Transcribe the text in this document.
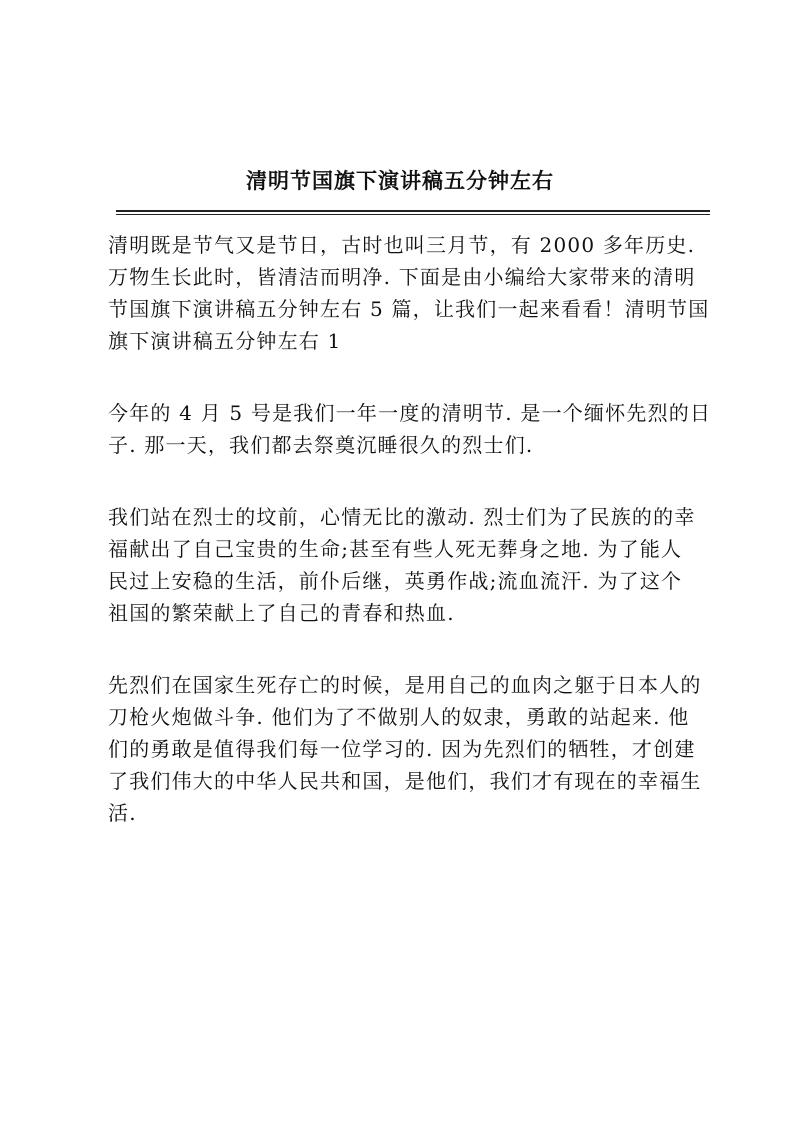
清明节国旗下演讲稿五分钟左右
清明既是节气又是节日，古时也叫三月节，有 2000 多年历史.
万物生长此时，皆清洁而明净. 下面是由小编给大家带来的清明
节国旗下演讲稿五分钟左右 5 篇，让我们一起来看看！清明节国
旗下演讲稿五分钟左右 1
今年的 4 月 5 号是我们一年一度的清明节. 是一个缅怀先烈的日
子. 那一天，我们都去祭奠沉睡很久的烈士们.
我们站在烈士的坟前，心情无比的激动. 烈士们为了民族的的幸
福献出了自己宝贵的生命;甚至有些人死无葬身之地. 为了能人
民过上安稳的生活，前仆后继，英勇作战;流血流汗. 为了这个
祖国的繁荣献上了自己的青春和热血.
先烈们在国家生死存亡的时候，是用自己的血肉之躯于日本人的
刀枪火炮做斗争. 他们为了不做别人的奴隶，勇敢的站起来. 他
们的勇敢是值得我们每一位学习的. 因为先烈们的牺牲，才创建
了我们伟大的中华人民共和国，是他们，我们才有现在的幸福生
活.
